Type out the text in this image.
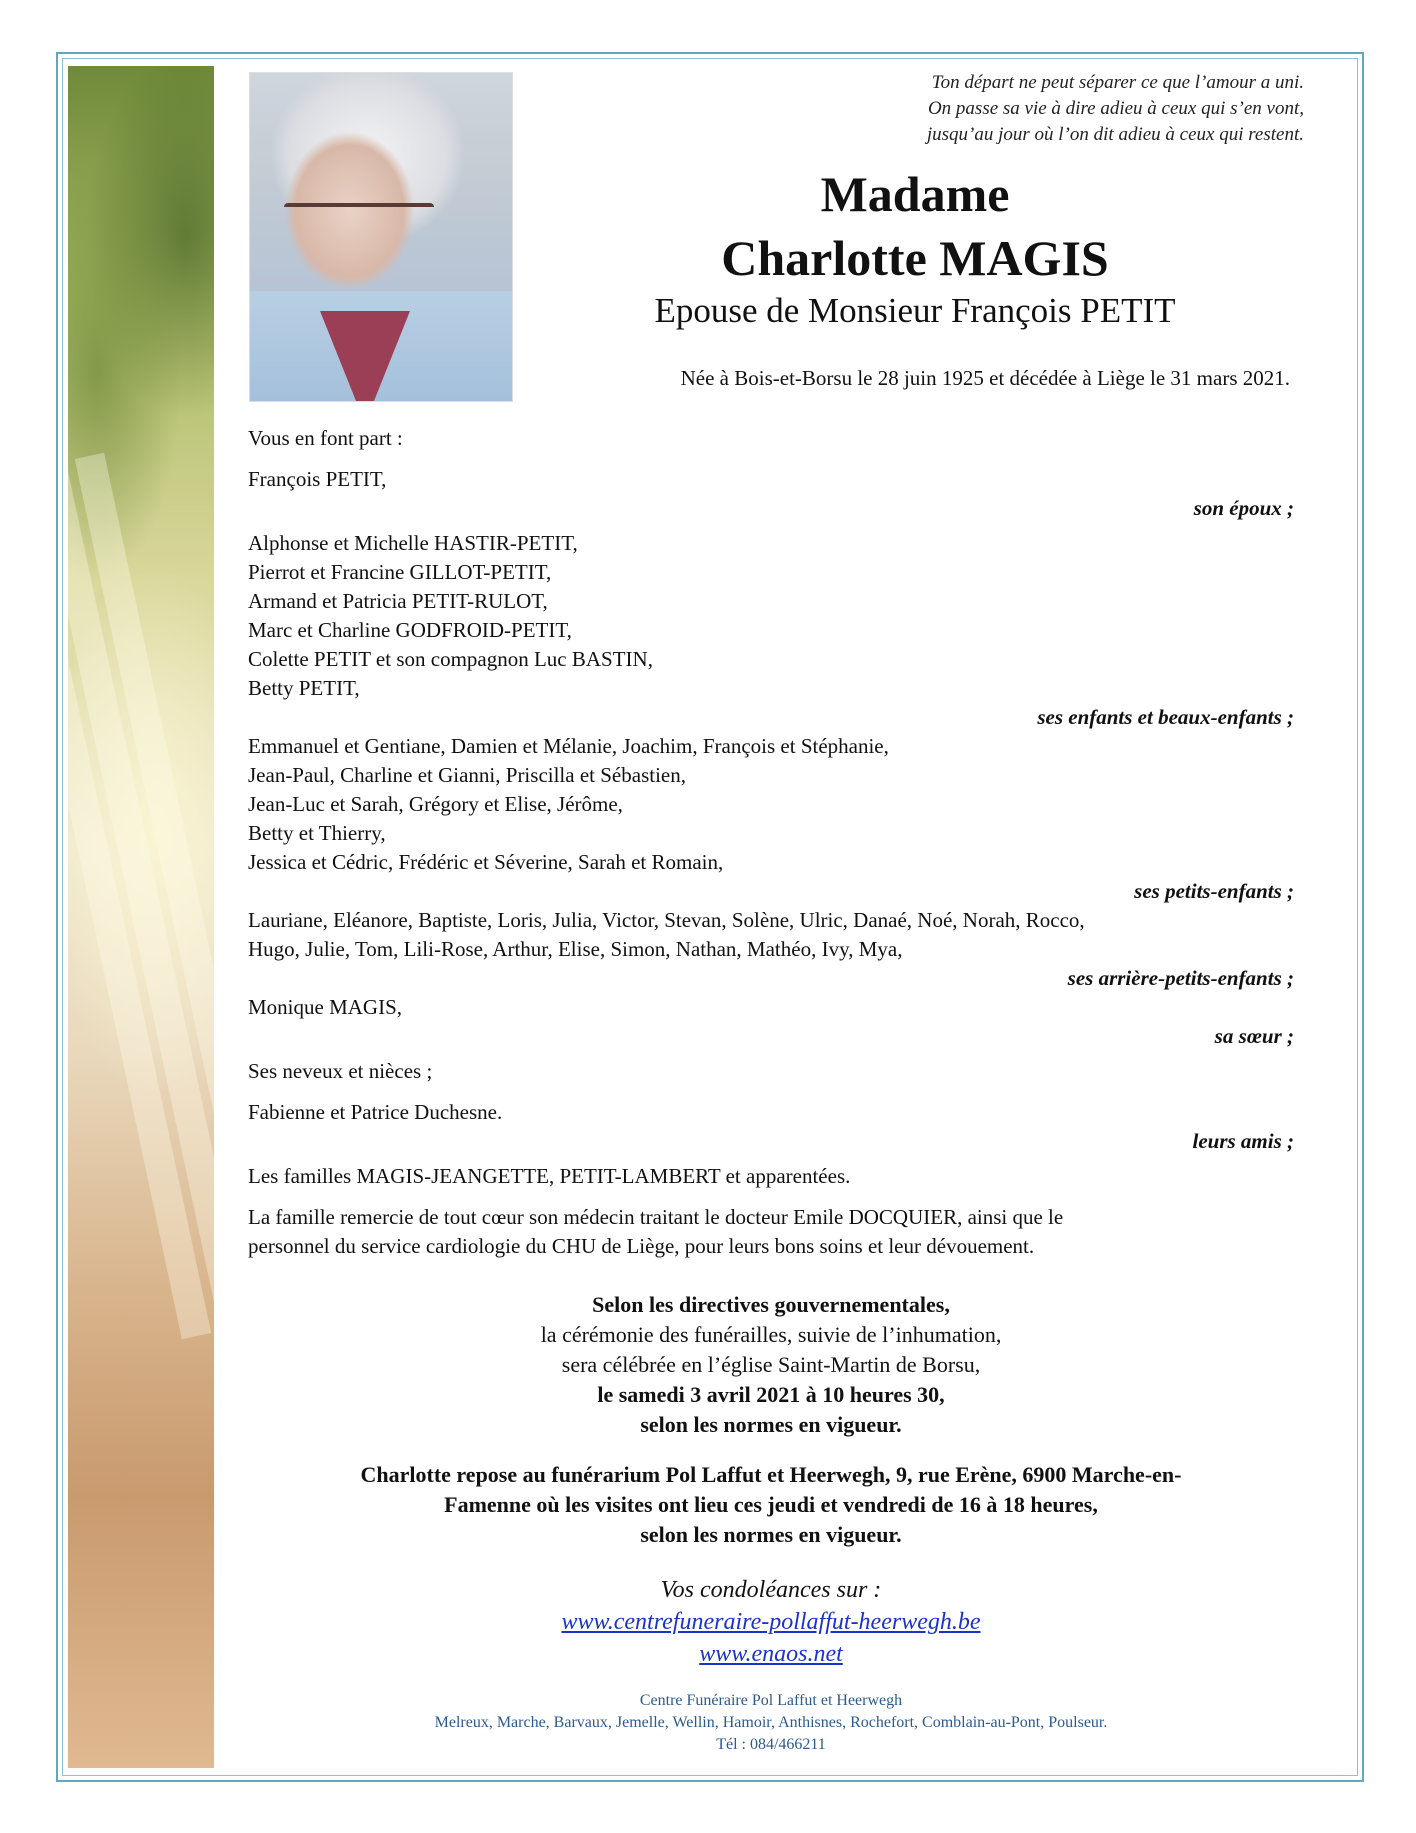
Ton départ ne peut séparer ce que l’amour a uni.
On passe sa vie à dire adieu à ceux qui s’en vont,
jusqu’au jour où l’on dit adieu à ceux qui restent.
Madame
Charlotte MAGIS
Epouse de Monsieur François PETIT
Née à Bois-et-Borsu le 28 juin 1925 et décédée à Liège le 31 mars 2021.

Vous en font part :

François PETIT,

son époux ;

Alphonse et Michelle HASTIR-PETIT,

Pierrot et Francine GILLOT-PETIT,

Armand et Patricia PETIT-RULOT,

Marc et Charline GODFROID-PETIT,

Colette PETIT et son compagnon Luc BASTIN,

Betty PETIT,

ses enfants et beaux-enfants ;

Emmanuel et Gentiane, Damien et Mélanie, Joachim, François et Stéphanie,

Jean-Paul, Charline et Gianni, Priscilla et Sébastien,

Jean-Luc et Sarah, Grégory et Elise, Jérôme,

Betty et Thierry,

Jessica et Cédric, Frédéric et Séverine, Sarah et Romain,

ses petits-enfants ;

Lauriane, Eléanore, Baptiste, Loris, Julia, Victor, Stevan, Solène, Ulric, Danaé, Noé, Norah, Rocco,

Hugo, Julie, Tom, Lili-Rose, Arthur, Elise, Simon, Nathan, Mathéo, Ivy, Mya,

ses arrière-petits-enfants ;

Monique MAGIS,

sa sœur ;

Ses neveux et nièces ;

Fabienne et Patrice Duchesne.

leurs amis ;

Les familles MAGIS-JEANGETTE, PETIT-LAMBERT et apparentées.

La famille remercie de tout cœur son médecin traitant le docteur Emile DOCQUIER, ainsi que le

personnel du service cardiologie du CHU de Liège, pour leurs bons soins et leur dévouement.

Selon les directives gouvernementales,

la cérémonie des funérailles, suivie de l’inhumation,

sera célébrée en l’église Saint-Martin de Borsu,

le samedi 3 avril 2021 à 10 heures 30,

selon les normes en vigueur.

Charlotte repose au funérarium Pol Laffut et Heerwegh, 9, rue Erène, 6900 Marche-en-

Famenne où les visites ont lieu ces jeudi et vendredi de 16 à 18 heures,

selon les normes en vigueur.

Vos condoléances sur :

www.centrefuneraire-pollaffut-heerwegh.be

www.enaos.net

Centre Funéraire Pol Laffut et Heerwegh

Melreux, Marche, Barvaux, Jemelle, Wellin, Hamoir, Anthisnes, Rochefort, Comblain-au-Pont, Poulseur.

Tél : 084/466211
